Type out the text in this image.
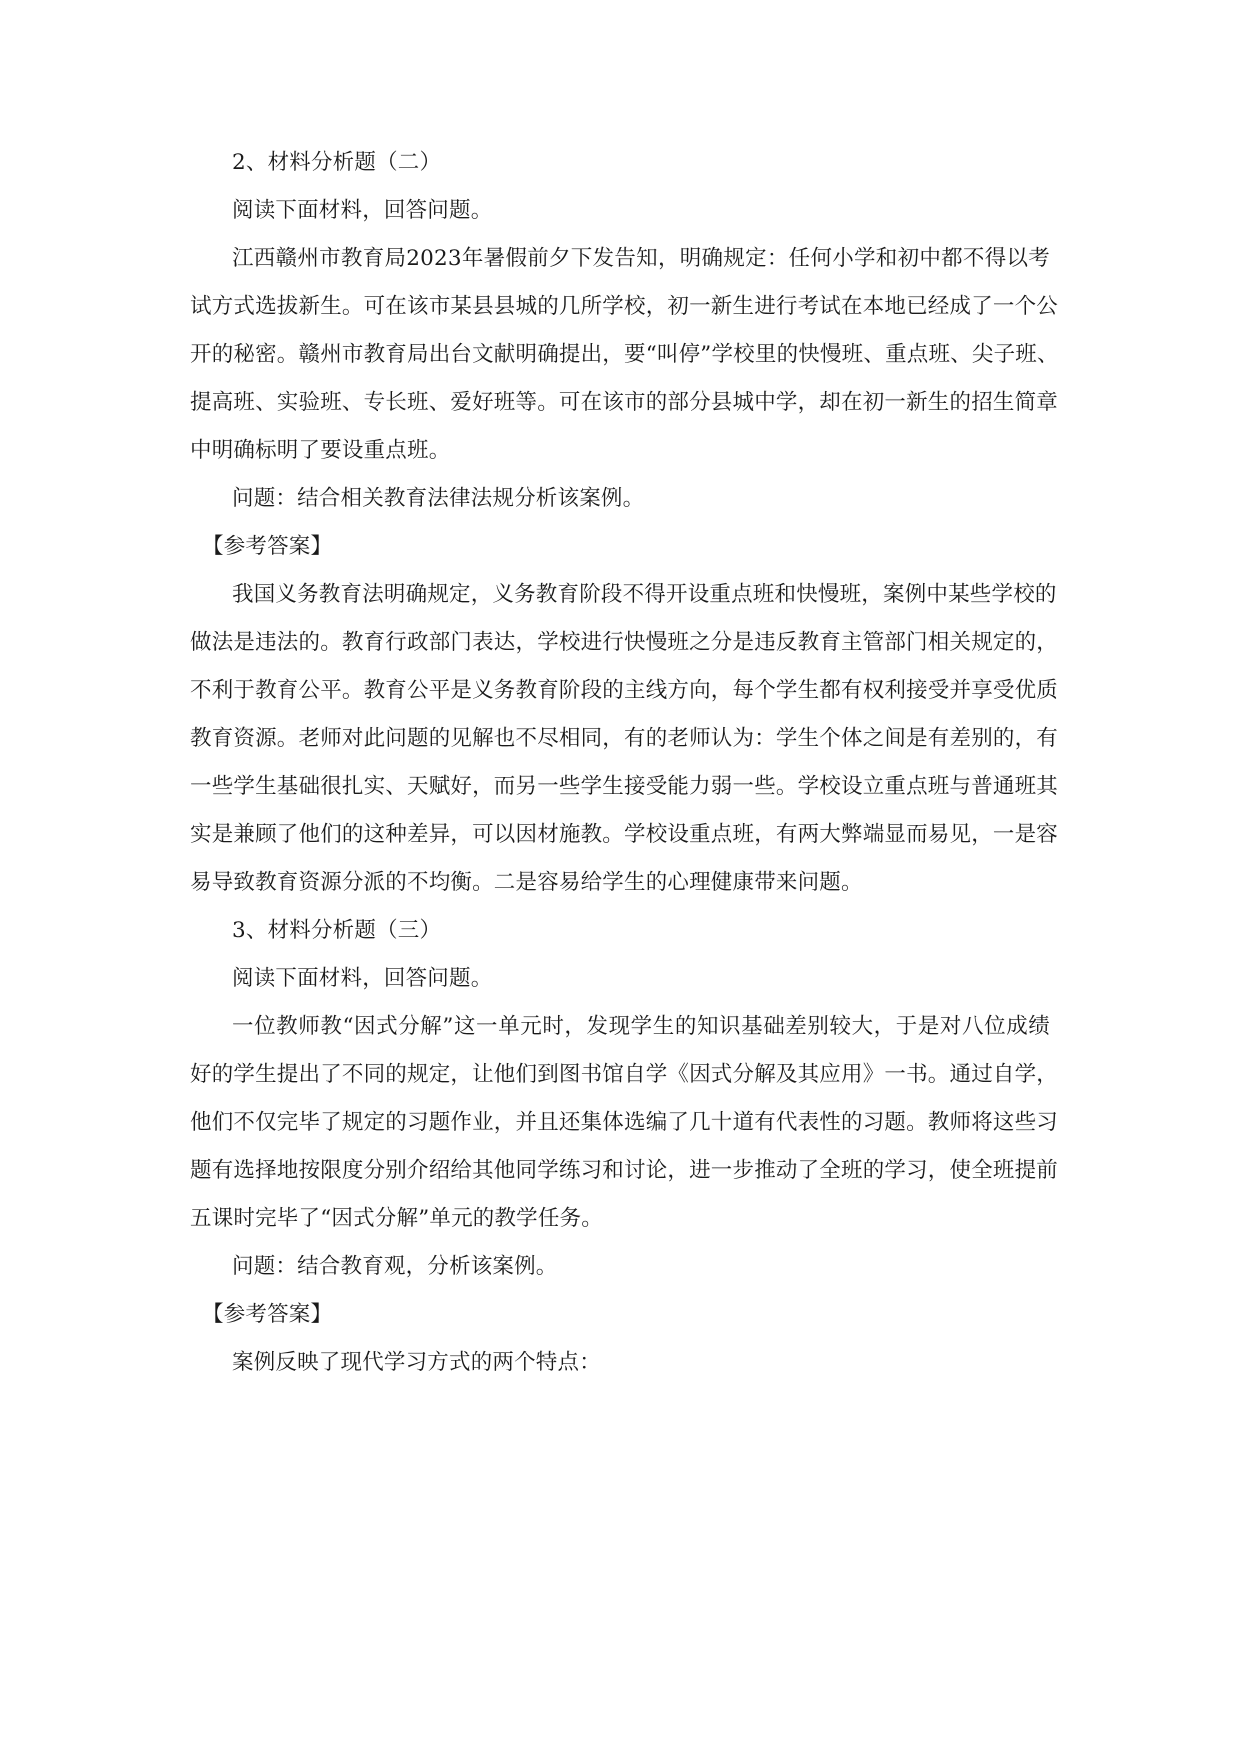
2、材料分析题（二）
阅读下面材料，回答问题。
江西赣州市教育局2023年暑假前夕下发告知，明确规定：任何小学和初中都不得以考
试方式选拔新生。可在该市某县县城的几所学校，初一新生进行考试在本地已经成了一个公
开的秘密。赣州市教育局出台文献明确提出，要“叫停”学校里的快慢班、重点班、尖子班、
提高班、实验班、专长班、爱好班等。可在该市的部分县城中学，却在初一新生的招生简章
中明确标明了要设重点班。
问题：结合相关教育法律法规分析该案例。
【参考答案】
我国义务教育法明确规定，义务教育阶段不得开设重点班和快慢班，案例中某些学校的
做法是违法的。教育行政部门表达，学校进行快慢班之分是违反教育主管部门相关规定的，
不利于教育公平。教育公平是义务教育阶段的主线方向，每个学生都有权利接受并享受优质
教育资源。老师对此问题的见解也不尽相同，有的老师认为：学生个体之间是有差别的，有
一些学生基础很扎实、天赋好，而另一些学生接受能力弱一些。学校设立重点班与普通班其
实是兼顾了他们的这种差异，可以因材施教。学校设重点班，有两大弊端显而易见，一是容
易导致教育资源分派的不均衡。二是容易给学生的心理健康带来问题。
3、材料分析题（三）
阅读下面材料，回答问题。
一位教师教“因式分解”这一单元时，发现学生的知识基础差别较大，于是对八位成绩
好的学生提出了不同的规定，让他们到图书馆自学《因式分解及其应用》一书。通过自学，
他们不仅完毕了规定的习题作业，并且还集体选编了几十道有代表性的习题。教师将这些习
题有选择地按限度分别介绍给其他同学练习和讨论，进一步推动了全班的学习，使全班提前
五课时完毕了“因式分解”单元的教学任务。
问题：结合教育观，分析该案例。
【参考答案】
案例反映了现代学习方式的两个特点：
